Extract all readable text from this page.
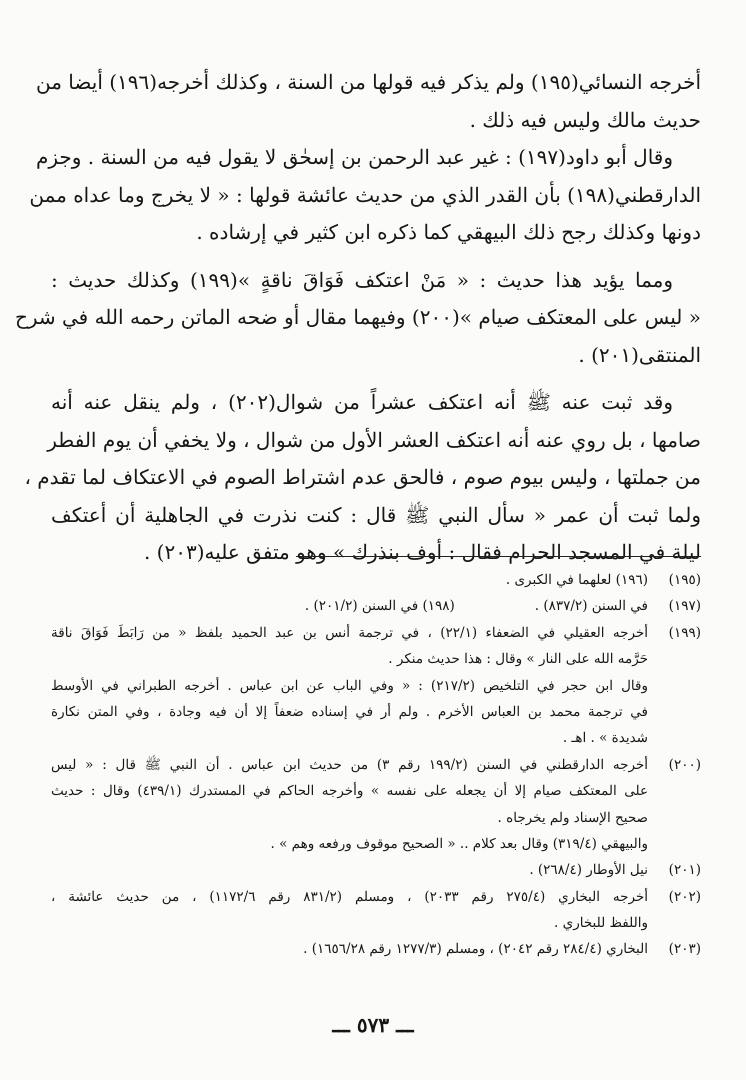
أخرجه النسائي(١٩٥) ولم يذكر فيه قولها من السنة ، وكذلك أخرجه(١٩٦) أيضا من
حديث مالك وليس فيه ذلك .
وقال أبو داود(١٩٧) : غير عبد الرحمن بن إسحٰق لا يقول فيه من السنة . وجزم
الدارقطني(١٩٨) بأن القدر الذي من حديث عائشة قولها : « لا يخرج وما عداه ممن
دونها وكذلك رجح ذلك البيهقي كما ذكره ابن كثير في إرشاده .
ومما يؤيد هذا حديث : « مَنْ اعتكف فَوَاقَ ناقةٍ »(١٩٩) وكذلك حديث :
« ليس على المعتكف صيام »(٢٠٠) وفيهما مقال أو ضحه الماتن رحمه الله في شرح
المنتقى(٢٠١) .
وقد ثبت عنه ﷺ أنه اعتكف عشراً من شوال(٢٠٢) ، ولم ينقل عنه أنه
صامها ، بل روي عنه أنه اعتكف العشر الأول من شوال ، ولا يخفي أن يوم الفطر
من جملتها ، وليس بيوم صوم ، فالحق عدم اشتراط الصوم في الاعتكاف لما تقدم ،
ولما ثبت أن عمر « سأل النبي ﷺ قال : كنت نذرت في الجاهلية أن أعتكف
ليلة في المسجد الحرام فقال : أوف بنذرك » وهو متفق عليه(٢٠٣) .
(١٩٥)
(١٩٦) لعلهما في الكبرى .
(١٩٧)
في السنن (٨٣٧/٢) .
(١٩٨) في السنن (٢٠١/٢) .
(١٩٩)
أخرجه العقيلي في الضعفاء (٢٢/١) ، في ترجمة أنس بن عبد الحميد بلفظ « من رَابَطَ فَوَاقَ ناقة
حَرَّمه الله على النار » وقال : هذا حديث منكر .
وقال ابن حجر في التلخيص (٢١٧/٢) : « وفي الباب عن ابن عباس . أخرجه الطبراني في الأوسط
في ترجمة محمد بن العباس الأخرم . ولم أر في إسناده ضعفاً إلا أن فيه وجادة ، وفي المتن نكارة
شديدة » . اهـ .
(٢٠٠)
أخرجه الدارقطني في السنن (١٩٩/٢ رقم ٣) من حديث ابن عباس . أن النبي ﷺ قال : « ليس
على المعتكف صيام إلا أن يجعله على نفسه » وأخرجه الحاكم في المستدرك (٤٣٩/١) وقال : حديث
صحيح الإسناد ولم يخرجاه .
والبيهقي (٣١٩/٤) وقال بعد كلام .. « الصحيح موقوف ورفعه وهم » .
(٢٠١)
نيل الأوطار (٢٦٨/٤) .
(٢٠٢)
أخرجه البخاري (٢٧٥/٤ رقم ٢٠٣٣) ، ومسلم (٨٣١/٢ رقم ١١٧٢/٦) ، من حديث عائشة ،
واللفظ للبخاري .
(٢٠٣)
البخاري (٢٨٤/٤ رقم ٢٠٤٢) ، ومسلم (١٢٧٧/٣ رقم ١٦٥٦/٢٨) .
ـــ ٥٧٣ ـــ
